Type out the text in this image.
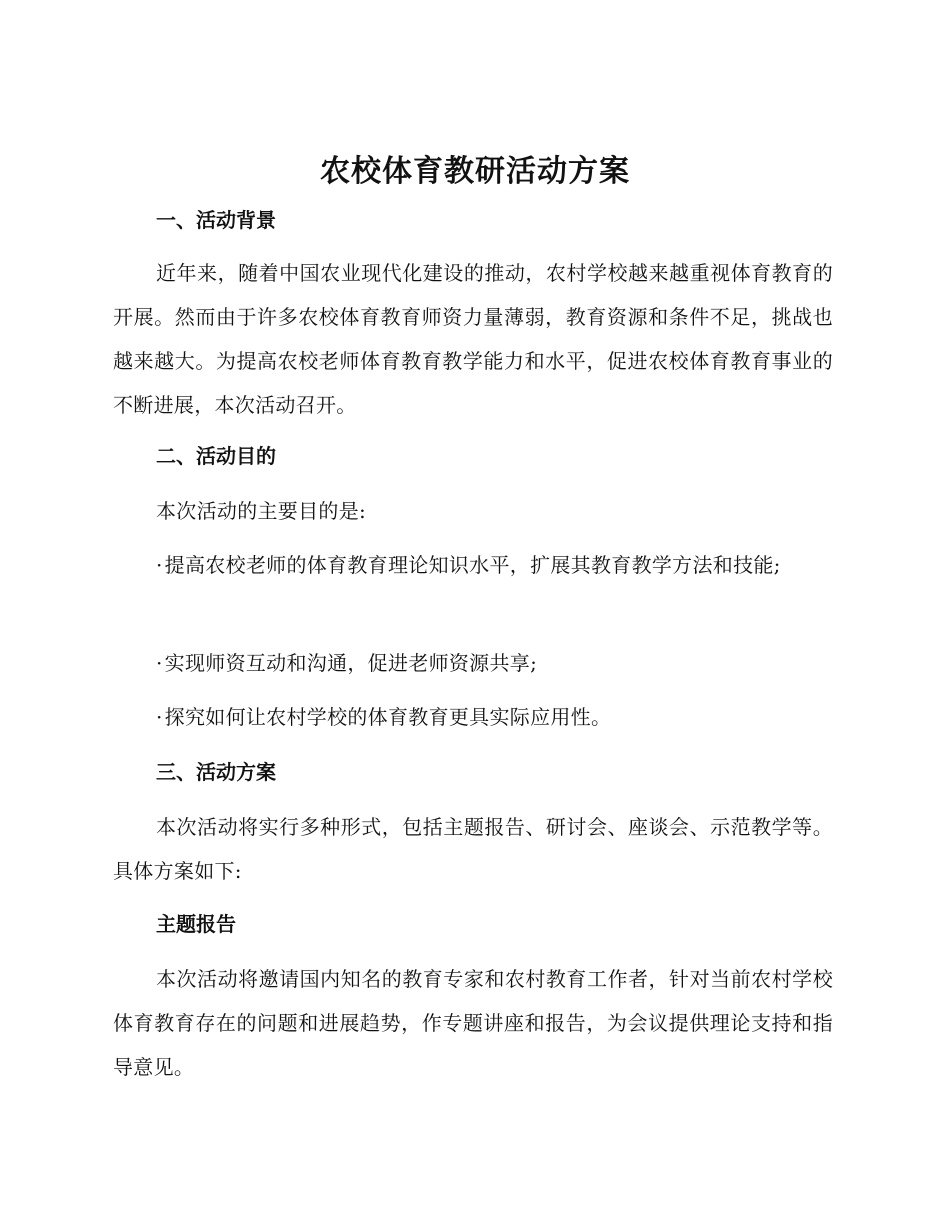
农校体育教研活动方案
一、活动背景

近年来，随着中国农业现代化建设的推动，农村学校越来越重视体育教育的开展。然而由于许多农校体育教育师资力量薄弱，教育资源和条件不足，挑战也越来越大。为提高农校老师体育教育教学能力和水平，促进农校体育教育事业的不断进展，本次活动召开。

二、活动目的

本次活动的主要目的是:

· 提高农校老师的体育教育理论知识水平，扩展其教育教学方法和技能;

· 实现师资互动和沟通，促进老师资源共享;

· 探究如何让农村学校的体育教育更具实际应用性。

三、活动方案

本次活动将实行多种形式，包括主题报告、研讨会、座谈会、示范教学等。具体方案如下:

主题报告

本次活动将邀请国内知名的教育专家和农村教育工作者，针对当前农村学校体育教育存在的问题和进展趋势，作专题讲座和报告，为会议提供理论支持和指导意见。
